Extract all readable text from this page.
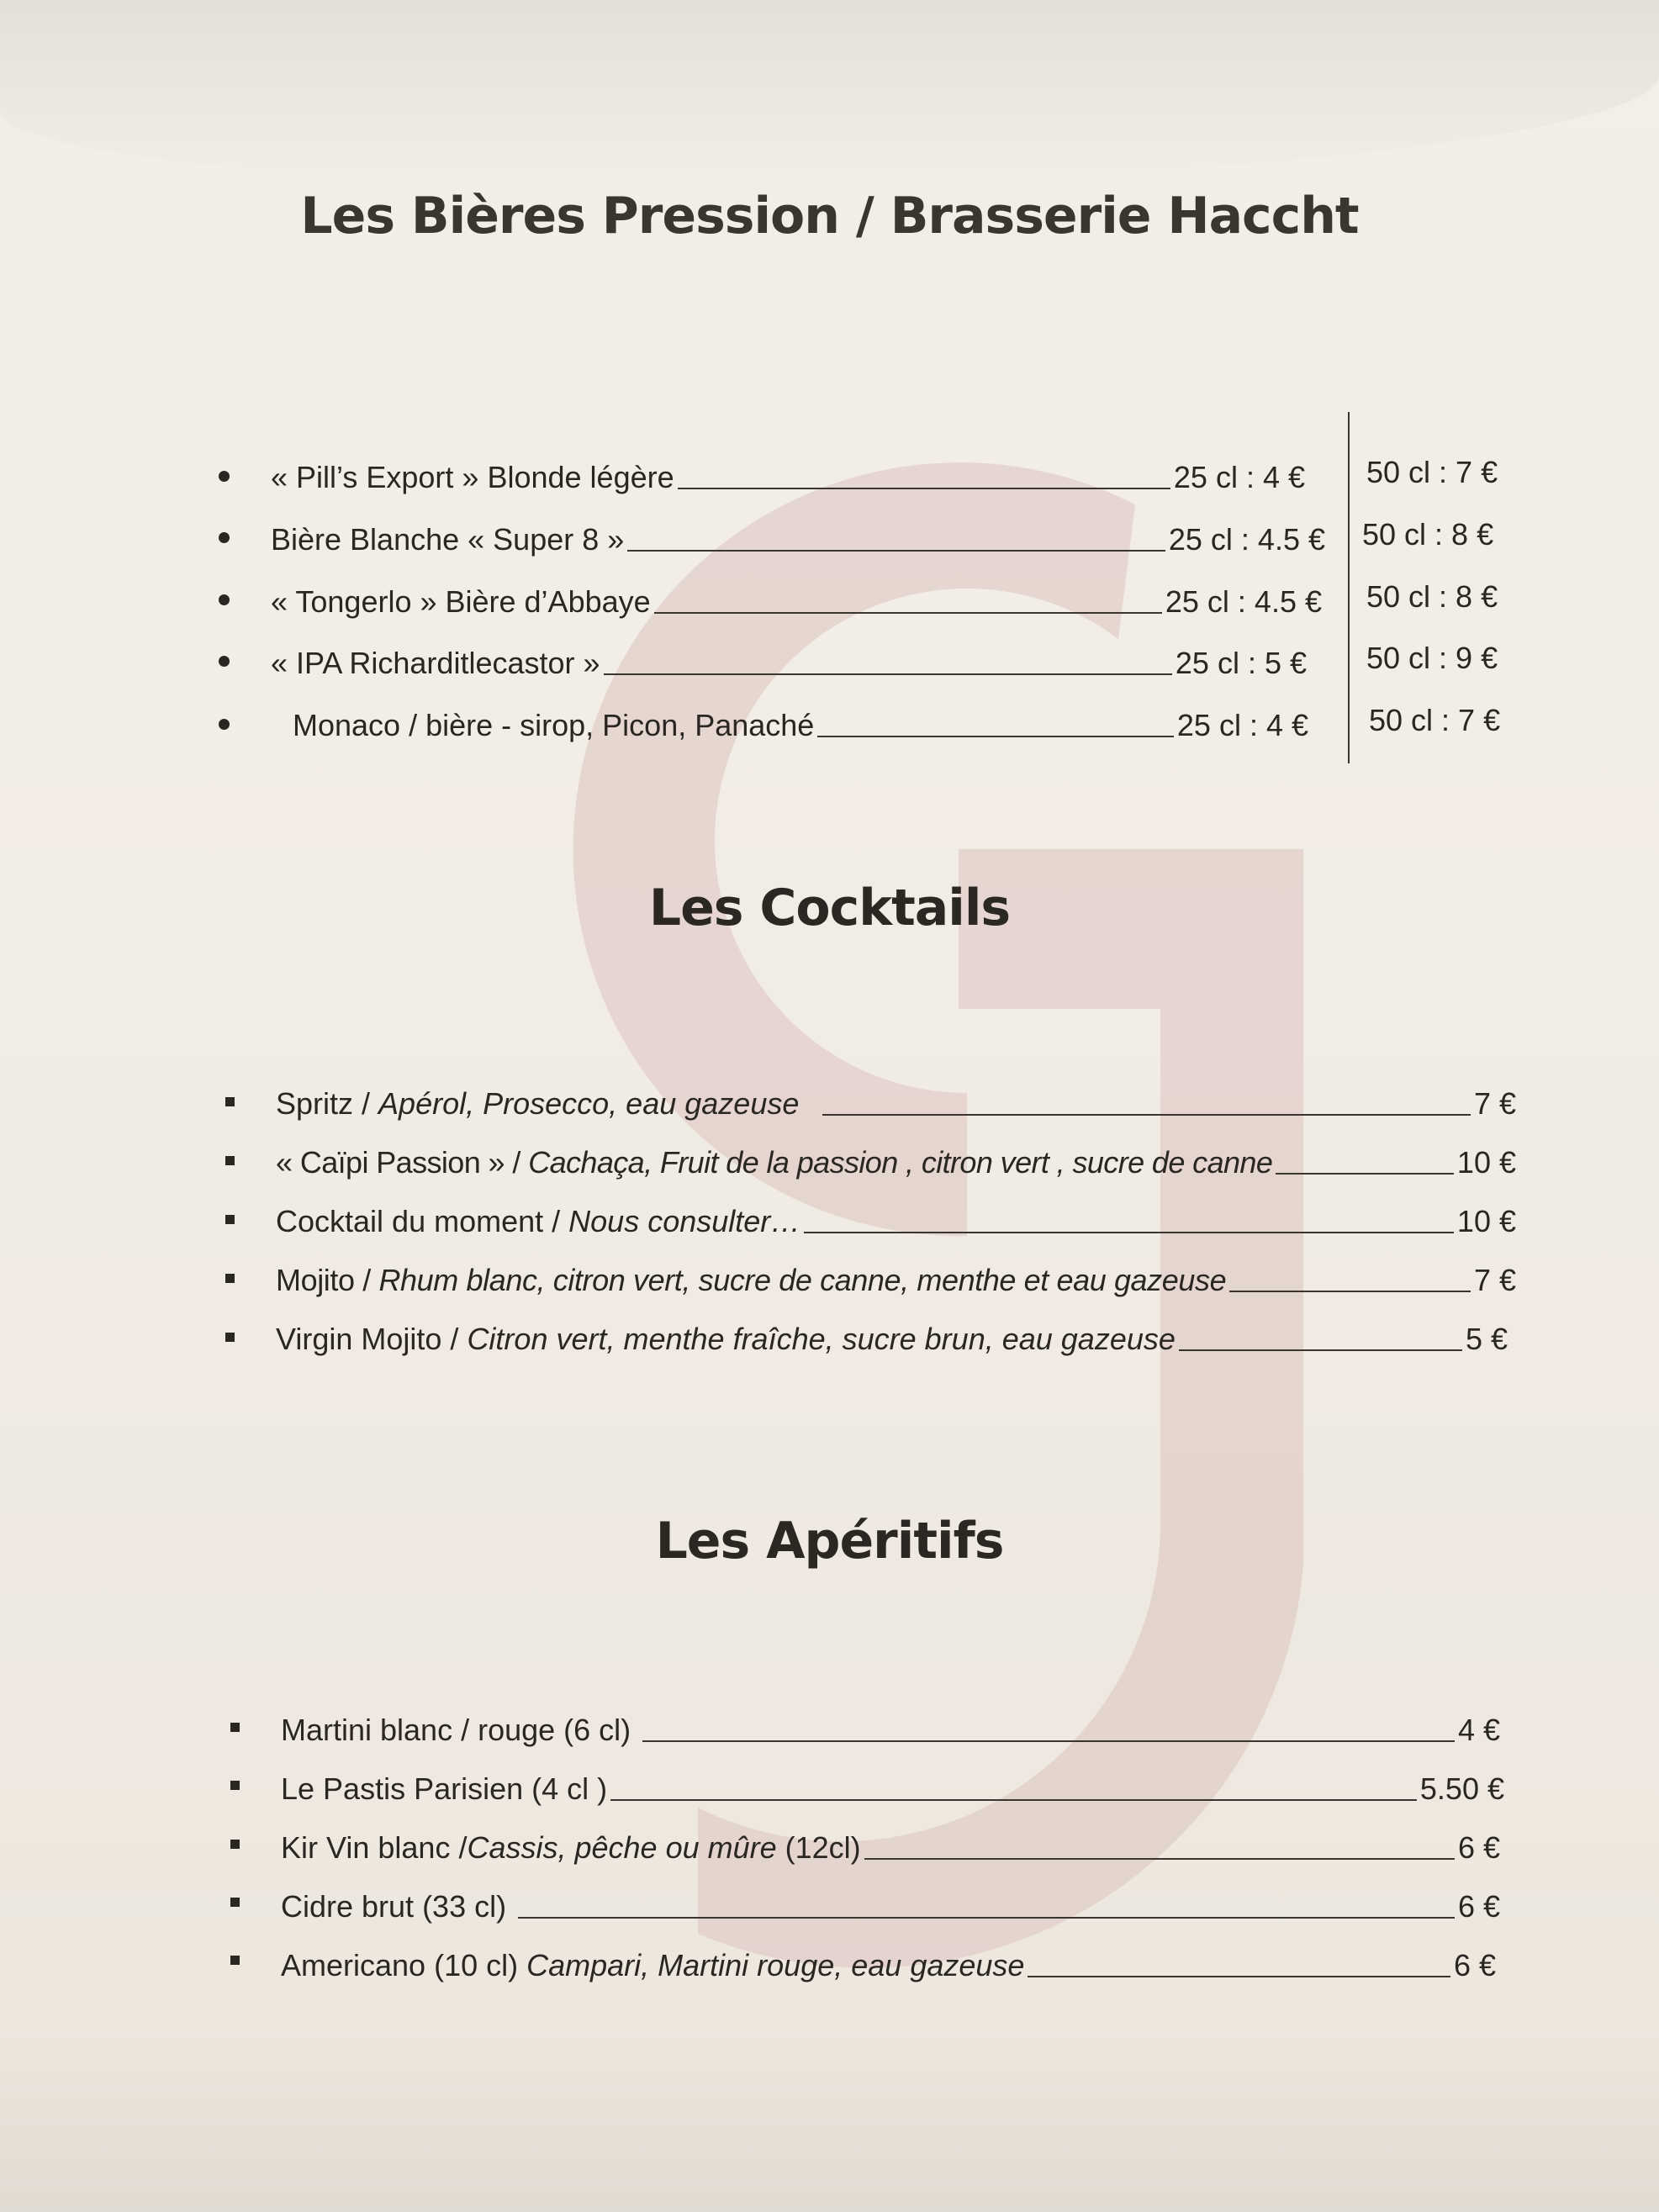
Les Bières Pression / Brasserie Haccht
« Pill’s Export » Blonde légère	25 cl : 4 € 50 cl : 7 €
Bière Blanche « Super 8 »	25 cl : 4.5 € 50 cl : 8 €
« Tongerlo » Bière d’Abbaye	25 cl : 4.5 € 50 cl : 8 €
« IPA Richarditlecastor »	25 cl : 5 € 50 cl : 9 €
Monaco / bière - sirop, Picon, Panaché	25 cl : 4 € 50 cl : 7 €
Les Cocktails
Spritz / Apérol, Prosecco, eau gazeuse	7 €
« Caïpi Passion » / Cachaça, Fruit de la passion , citron vert , sucre de canne	10 €
Cocktail du moment / Nous consulter…	10 €
Mojito / Rhum blanc, citron vert, sucre de canne, menthe et eau gazeuse	7 €
Virgin Mojito / Citron vert, menthe fraîche, sucre brun, eau gazeuse	5 €
Les Apéritifs
Martini blanc / rouge (6 cl)	4 €
Le Pastis Parisien (4 cl )	5.50 €
Kir Vin blanc /Cassis, pêche ou mûre (12cl)	6 €
Cidre brut (33 cl)	6 €
Americano (10 cl) Campari, Martini rouge, eau gazeuse	6 €
